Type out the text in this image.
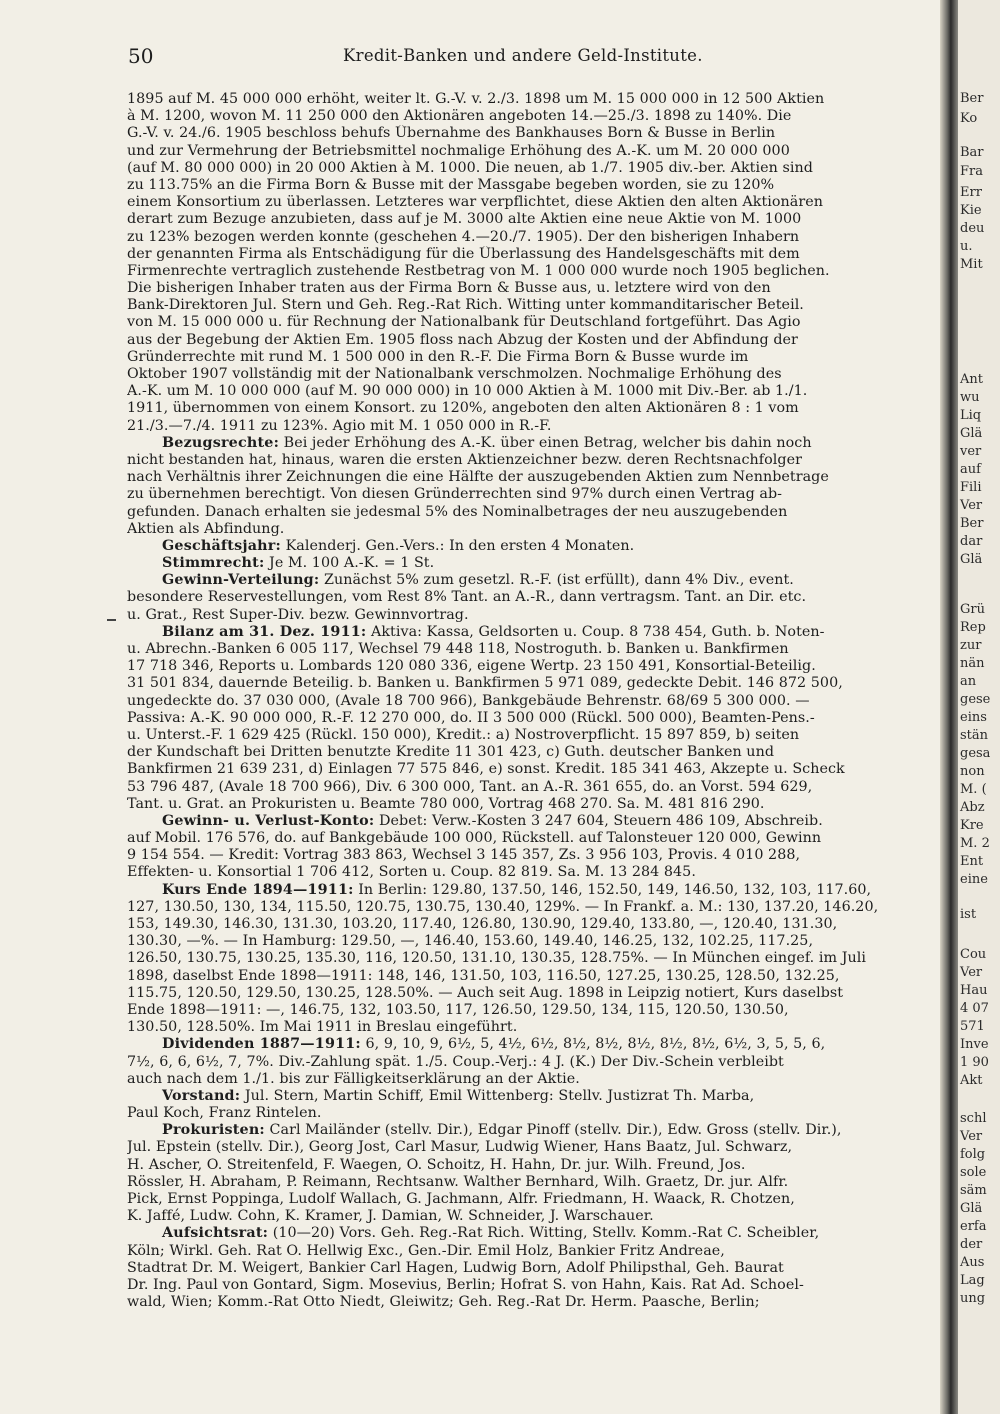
50	Kredit-Banken und andere Geld-Institute.
1895 auf M. 45 000 000 erhöht, weiter lt. G.-V. v. 2./3. 1898 um M. 15 000 000 in 12 500 Aktien
à M. 1200, wovon M. 11 250 000 den Aktionären angeboten 14.—25./3. 1898 zu 140%. Die
G.-V. v. 24./6. 1905 beschloss behufs Übernahme des Bankhauses Born & Busse in Berlin
und zur Vermehrung der Betriebsmittel nochmalige Erhöhung des A.-K. um M. 20 000 000
(auf M. 80 000 000) in 20 000 Aktien à M. 1000. Die neuen, ab 1./7. 1905 div.-ber. Aktien sind
zu 113.75% an die Firma Born & Busse mit der Massgabe begeben worden, sie zu 120%
einem Konsortium zu überlassen. Letzteres war verpflichtet, diese Aktien den alten Aktionären
derart zum Bezuge anzubieten, dass auf je M. 3000 alte Aktien eine neue Aktie von M. 1000
zu 123% bezogen werden konnte (geschehen 4.—20./7. 1905). Der den bisherigen Inhabern
der genannten Firma als Entschädigung für die Überlassung des Handelsgeschäfts mit dem
Firmenrechte vertraglich zustehende Restbetrag von M. 1 000 000 wurde noch 1905 beglichen.
Die bisherigen Inhaber traten aus der Firma Born & Busse aus, u. letztere wird von den
Bank-Direktoren Jul. Stern und Geh. Reg.-Rat Rich. Witting unter kommanditarischer Beteil.
von M. 15 000 000 u. für Rechnung der Nationalbank für Deutschland fortgeführt. Das Agio
aus der Begebung der Aktien Em. 1905 floss nach Abzug der Kosten und der Abfindung der
Gründerrechte mit rund M. 1 500 000 in den R.-F. Die Firma Born & Busse wurde im
Oktober 1907 vollständig mit der Nationalbank verschmolzen. Nochmalige Erhöhung des
A.-K. um M. 10 000 000 (auf M. 90 000 000) in 10 000 Aktien à M. 1000 mit Div.-Ber. ab 1./1.
1911, übernommen von einem Konsort. zu 120%, angeboten den alten Aktionären 8 : 1 vom
21./3.—7./4. 1911 zu 123%. Agio mit M. 1 050 000 in R.-F.
Bezugsrechte: Bei jeder Erhöhung des A.-K. über einen Betrag, welcher bis dahin noch
nicht bestanden hat, hinaus, waren die ersten Aktienzeichner bezw. deren Rechtsnachfolger
nach Verhältnis ihrer Zeichnungen die eine Hälfte der auszugebenden Aktien zum Nennbetrage
zu übernehmen berechtigt. Von diesen Gründerrechten sind 97% durch einen Vertrag ab-
gefunden. Danach erhalten sie jedesmal 5% des Nominalbetrages der neu auszugebenden
Aktien als Abfindung.
Geschäftsjahr: Kalenderj. Gen.-Vers.: In den ersten 4 Monaten.
Stimmrecht: Je M. 100 A.-K. = 1 St.
Gewinn-Verteilung: Zunächst 5% zum gesetzl. R.-F. (ist erfüllt), dann 4% Div., event.
besondere Reservestellungen, vom Rest 8% Tant. an A.-R., dann vertragsm. Tant. an Dir. etc.
u. Grat., Rest Super-Div. bezw. Gewinnvortrag.
Bilanz am 31. Dez. 1911: Aktiva: Kassa, Geldsorten u. Coup. 8 738 454, Guth. b. Noten-
u. Abrechn.-Banken 6 005 117, Wechsel 79 448 118, Nostroguth. b. Banken u. Bankfirmen
17 718 346, Reports u. Lombards 120 080 336, eigene Wertp. 23 150 491, Konsortial-Beteilig.
31 501 834, dauernde Beteilig. b. Banken u. Bankfirmen 5 971 089, gedeckte Debit. 146 872 500,
ungedeckte do. 37 030 000, (Avale 18 700 966), Bankgebäude Behrenstr. 68/69 5 300 000. —
Passiva: A.-K. 90 000 000, R.-F. 12 270 000, do. II 3 500 000 (Rückl. 500 000), Beamten-Pens.-
u. Unterst.-F. 1 629 425 (Rückl. 150 000), Kredit.: a) Nostroverpflicht. 15 897 859, b) seiten
der Kundschaft bei Dritten benutzte Kredite 11 301 423, c) Guth. deutscher Banken und
Bankfirmen 21 639 231, d) Einlagen 77 575 846, e) sonst. Kredit. 185 341 463, Akzepte u. Scheck
53 796 487, (Avale 18 700 966), Div. 6 300 000, Tant. an A.-R. 361 655, do. an Vorst. 594 629,
Tant. u. Grat. an Prokuristen u. Beamte 780 000, Vortrag 468 270. Sa. M. 481 816 290.
Gewinn- u. Verlust-Konto: Debet: Verw.-Kosten 3 247 604, Steuern 486 109, Abschreib.
auf Mobil. 176 576, do. auf Bankgebäude 100 000, Rückstell. auf Talonsteuer 120 000, Gewinn
9 154 554. — Kredit: Vortrag 383 863, Wechsel 3 145 357, Zs. 3 956 103, Provis. 4 010 288,
Effekten- u. Konsortial 1 706 412, Sorten u. Coup. 82 819. Sa. M. 13 284 845.
Kurs Ende 1894—1911: In Berlin: 129.80, 137.50, 146, 152.50, 149, 146.50, 132, 103, 117.60,
127, 130.50, 130, 134, 115.50, 120.75, 130.75, 130.40, 129%. — In Frankf. a. M.: 130, 137.20, 146.20,
153, 149.30, 146.30, 131.30, 103.20, 117.40, 126.80, 130.90, 129.40, 133.80, —, 120.40, 131.30,
130.30, —%. — In Hamburg: 129.50, —, 146.40, 153.60, 149.40, 146.25, 132, 102.25, 117.25,
126.50, 130.75, 130.25, 135.30, 116, 120.50, 131.10, 130.35, 128.75%. — In München eingef. im Juli
1898, daselbst Ende 1898—1911: 148, 146, 131.50, 103, 116.50, 127.25, 130.25, 128.50, 132.25,
115.75, 120.50, 129.50, 130.25, 128.50%. — Auch seit Aug. 1898 in Leipzig notiert, Kurs daselbst
Ende 1898—1911: —, 146.75, 132, 103.50, 117, 126.50, 129.50, 134, 115, 120.50, 130.50,
130.50, 128.50%. Im Mai 1911 in Breslau eingeführt.
Dividenden 1887—1911: 6, 9, 10, 9, 6½, 5, 4½, 6½, 8½, 8½, 8½, 8½, 8½, 6½, 3, 5, 5, 6,
7½, 6, 6, 6½, 7, 7%. Div.-Zahlung spät. 1./5. Coup.-Verj.: 4 J. (K.) Der Div.-Schein verbleibt
auch nach dem 1./1. bis zur Fälligkeitserklärung an der Aktie.
Vorstand: Jul. Stern, Martin Schiff, Emil Wittenberg: Stellv. Justizrat Th. Marba,
Paul Koch, Franz Rintelen.
Prokuristen: Carl Mailänder (stellv. Dir.), Edgar Pinoff (stellv. Dir.), Edw. Gross (stellv. Dir.),
Jul. Epstein (stellv. Dir.), Georg Jost, Carl Masur, Ludwig Wiener, Hans Baatz, Jul. Schwarz,
H. Ascher, O. Streitenfeld, F. Waegen, O. Schoitz, H. Hahn, Dr. jur. Wilh. Freund, Jos.
Rössler, H. Abraham, P. Reimann, Rechtsanw. Walther Bernhard, Wilh. Graetz, Dr. jur. Alfr.
Pick, Ernst Poppinga, Ludolf Wallach, G. Jachmann, Alfr. Friedmann, H. Waack, R. Chotzen,
K. Jaffé, Ludw. Cohn, K. Kramer, J. Damian, W. Schneider, J. Warschauer.
Aufsichtsrat: (10—20) Vors. Geh. Reg.-Rat Rich. Witting, Stellv. Komm.-Rat C. Scheibler,
Köln; Wirkl. Geh. Rat O. Hellwig Exc., Gen.-Dir. Emil Holz, Bankier Fritz Andreae,
Stadtrat Dr. M. Weigert, Bankier Carl Hagen, Ludwig Born, Adolf Philipsthal, Geh. Baurat
Dr. Ing. Paul von Gontard, Sigm. Mosevius, Berlin; Hofrat S. von Hahn, Kais. Rat Ad. Schoel-
wald, Wien; Komm.-Rat Otto Niedt, Gleiwitz; Geh. Reg.-Rat Dr. Herm. Paasche, Berlin;
Ber
Ko
Bar
Fra
Err
Kie
deu
u.
Mit
Ant
wu
Liq
Glä
ver
auf
Fili
Ver
Ber
dar
Glä
Grü
Rep
zur
nän
an
gese
eins
stän
gesa
non
M. (
Abz
Kre
M. 2
Ent
eine
ist
Cou
Ver
Hau
4 07
571
Inve
1 90
Akt
schl
Ver
folg
sole
säm
Glä
erfa
der
Aus
Lag
ung
